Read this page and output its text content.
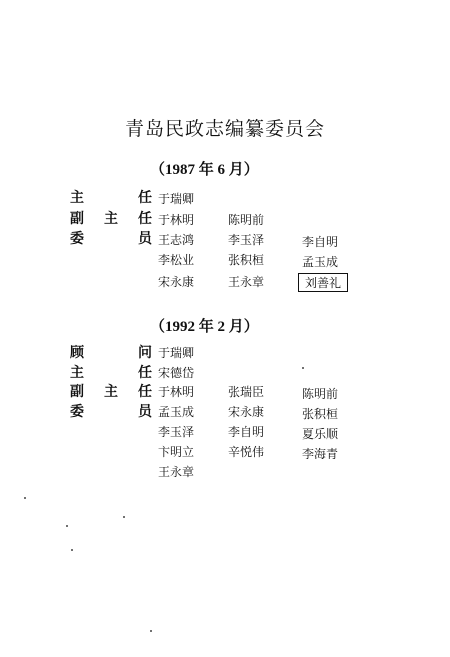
青岛民政志编纂委员会
（1987 年 6 月）
主	任 于瑞卿
副 主 任 于林明	陈明前
委	员 王志鸿	李玉泽	李自明
李松业	张积桓	孟玉成
宋永康	王永章	刘善礼
（1992 年 2 月）
顾	问 于瑞卿
主	任 宋德岱
副 主 任 于林明	张瑞臣	陈明前
委	员 孟玉成	宋永康	张积桓
李玉泽	李自明	夏乐顺
卞明立	辛悦伟	李海青
王永章
